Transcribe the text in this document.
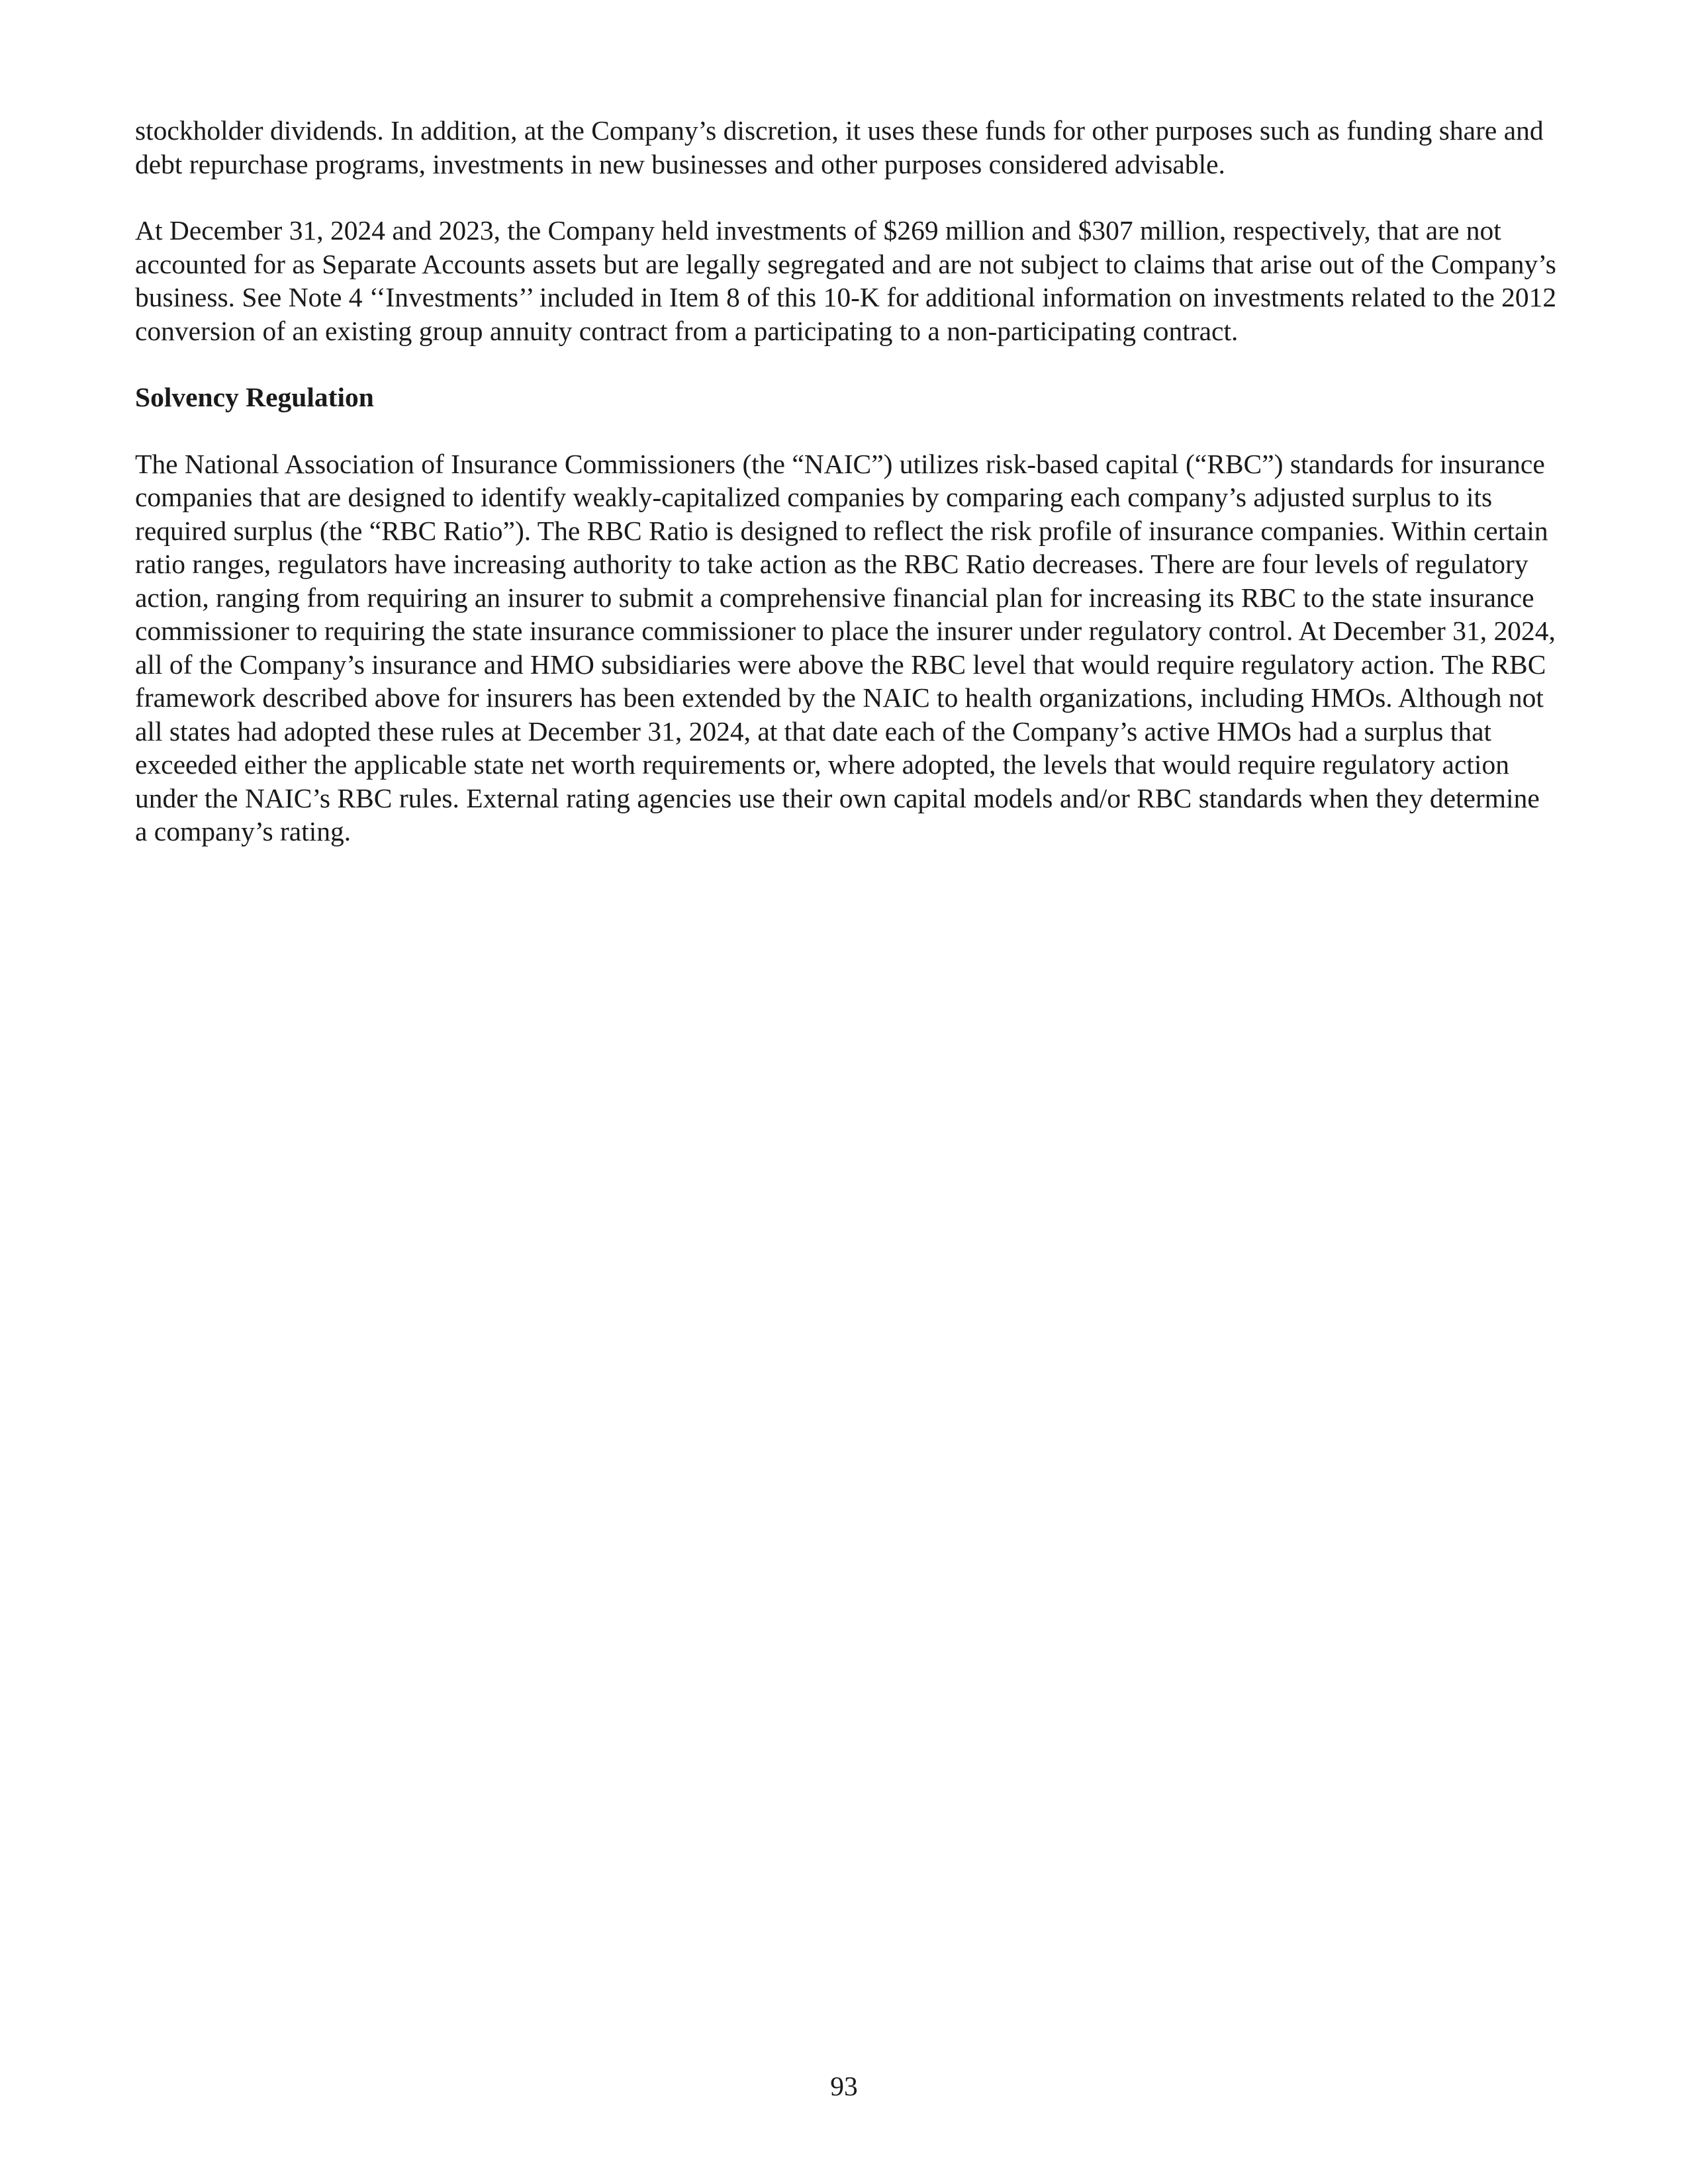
stockholder dividends. In addition, at the Company’s discretion, it uses these funds for other purposes such as funding share and debt repurchase programs, investments in new businesses and other purposes considered advisable.

At December 31, 2024 and 2023, the Company held investments of $269 million and $307 million, respectively, that are not accounted for as Separate Accounts assets but are legally segregated and are not subject to claims that arise out of the Company’s business. See Note 4 ‘‘Investments’’ included in Item 8 of this 10-K for additional information on investments related to the 2012 conversion of an existing group annuity contract from a participating to a non-participating contract.

Solvency Regulation

The National Association of Insurance Commissioners (the “NAIC”) utilizes risk-based capital (“RBC”) standards for insurance companies that are designed to identify weakly-capitalized companies by comparing each company’s adjusted surplus to its required surplus (the “RBC Ratio”). The RBC Ratio is designed to reflect the risk profile of insurance companies. Within certain ratio ranges, regulators have increasing authority to take action as the RBC Ratio decreases. There are four levels of regulatory action, ranging from requiring an insurer to submit a comprehensive financial plan for increasing its RBC to the state insurance commissioner to requiring the state insurance commissioner to place the insurer under regulatory control. At December 31, 2024, all of the Company’s insurance and HMO subsidiaries were above the RBC level that would require regulatory action. The RBC framework described above for insurers has been extended by the NAIC to health organizations, including HMOs. Although not all states had adopted these rules at December 31, 2024, at that date each of the Company’s active HMOs had a surplus that exceeded either the applicable state net worth requirements or, where adopted, the levels that would require regulatory action under the NAIC’s RBC rules. External rating agencies use their own capital models and/or RBC standards when they determine a company’s rating.

93
